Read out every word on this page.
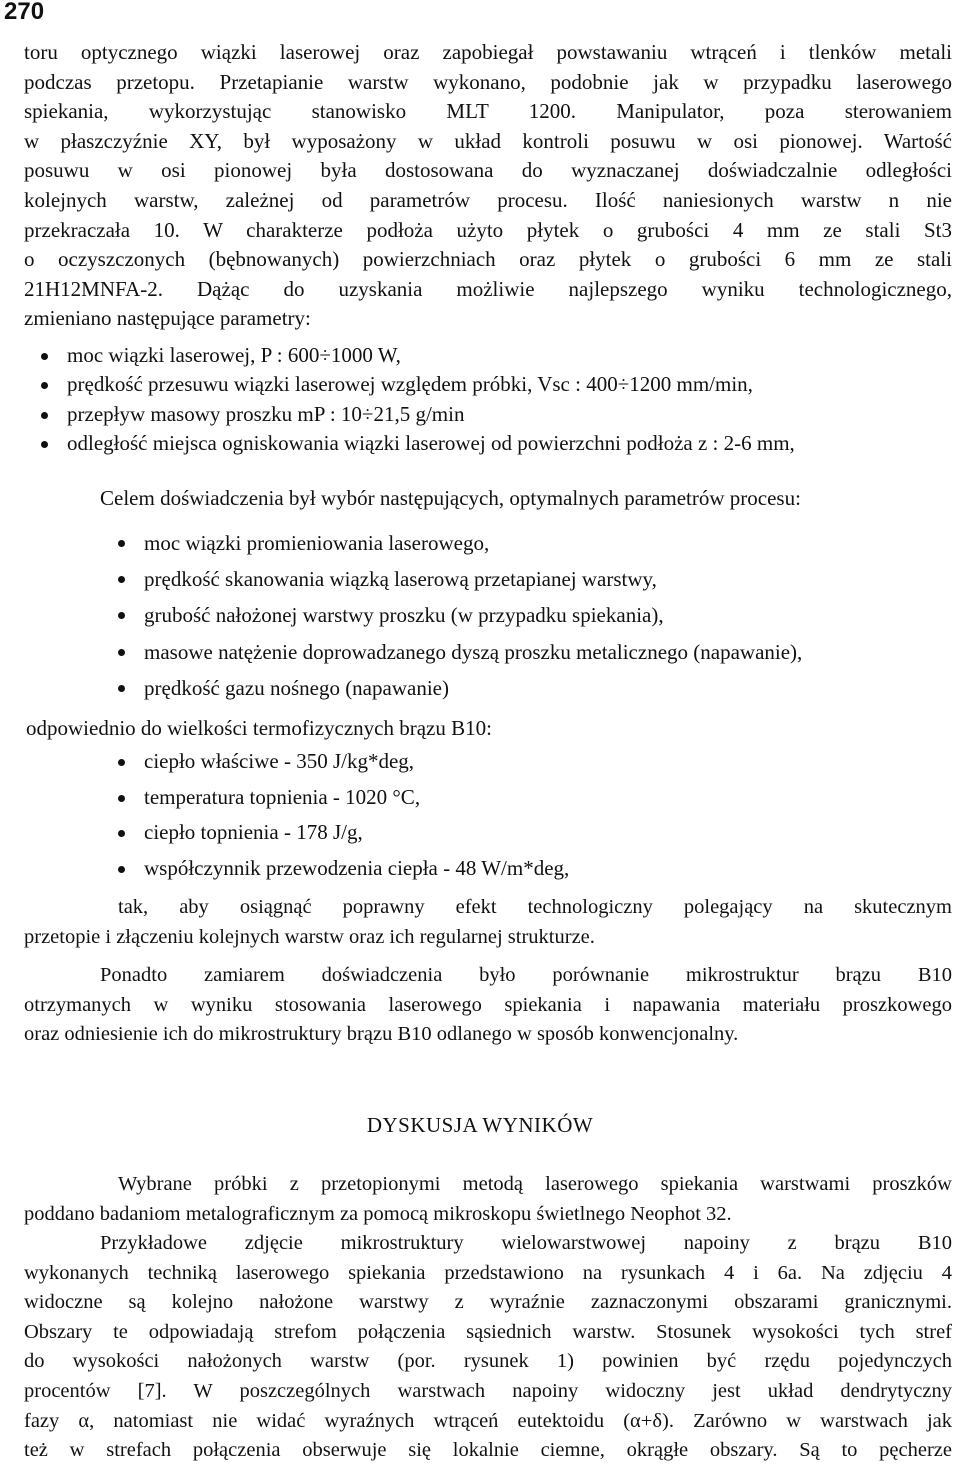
270
toru optycznego wiązki laserowej oraz zapobiegał powstawaniu wtrąceń i tlenków metali
podczas przetopu. Przetapianie warstw wykonano, podobnie jak w przypadku laserowego
spiekania, wykorzystując stanowisko MLT 1200. Manipulator, poza sterowaniem
w płaszczyźnie XY, był wyposażony w układ kontroli posuwu w osi pionowej. Wartość
posuwu w osi pionowej była dostosowana do wyznaczanej doświadczalnie odległości
kolejnych warstw, zależnej od parametrów procesu. Ilość naniesionych warstw n nie
przekraczała 10. W charakterze podłoża użyto płytek o grubości 4 mm ze stali St3
o oczyszczonych (bębnowanych) powierzchniach oraz płytek o grubości 6 mm ze stali
21H12MNFA-2. Dążąc do uzyskania możliwie najlepszego wyniku technologicznego,
zmieniano następujące parametry:
moc wiązki laserowej, P : 600÷1000 W,
prędkość przesuwu wiązki laserowej względem próbki, Vsc : 400÷1200 mm/min,
przepływ masowy proszku mP : 10÷21,5 g/min
odległość miejsca ogniskowania wiązki laserowej od powierzchni podłoża z : 2-6 mm,
Celem doświadczenia był wybór następujących, optymalnych parametrów procesu:
moc wiązki promieniowania laserowego,
prędkość skanowania wiązką laserową przetapianej warstwy,
grubość nałożonej warstwy proszku (w przypadku spiekania),
masowe natężenie doprowadzanego dyszą proszku metalicznego (napawanie),
prędkość gazu nośnego (napawanie)
odpowiednio do wielkości termofizycznych brązu B10:
ciepło właściwe - 350 J/kg*deg,
temperatura topnienia - 1020 °C,
ciepło topnienia - 178 J/g,
współczynnik przewodzenia ciepła - 48 W/m*deg,
tak, aby osiągnąć poprawny efekt technologiczny polegający na skutecznym
przetopie i złączeniu kolejnych warstw oraz ich regularnej strukturze.
Ponadto zamiarem doświadczenia było porównanie mikrostruktur brązu B10
otrzymanych w wyniku stosowania laserowego spiekania i napawania materiału proszkowego
oraz odniesienie ich do mikrostruktury brązu B10 odlanego w sposób konwencjonalny.
DYSKUSJA WYNIKÓW
Wybrane próbki z przetopionymi metodą laserowego spiekania warstwami proszków
poddano badaniom metalograficznym za pomocą mikroskopu świetlnego Neophot 32.
Przykładowe zdjęcie mikrostruktury wielowarstwowej napoiny z brązu B10
wykonanych techniką laserowego spiekania przedstawiono na rysunkach 4 i 6a. Na zdjęciu 4
widoczne są kolejno nałożone warstwy z wyraźnie zaznaczonymi obszarami granicznymi.
Obszary te odpowiadają strefom połączenia sąsiednich warstw. Stosunek wysokości tych stref
do wysokości nałożonych warstw (por. rysunek 1) powinien być rzędu pojedynczych
procentów [7]. W poszczególnych warstwach napoiny widoczny jest układ dendrytyczny
fazy α, natomiast nie widać wyraźnych wtrąceń eutektoidu (α+δ). Zarówno w warstwach jak
też w strefach połączenia obserwuje się lokalnie ciemne, okrągłe obszary. Są to pęcherze
